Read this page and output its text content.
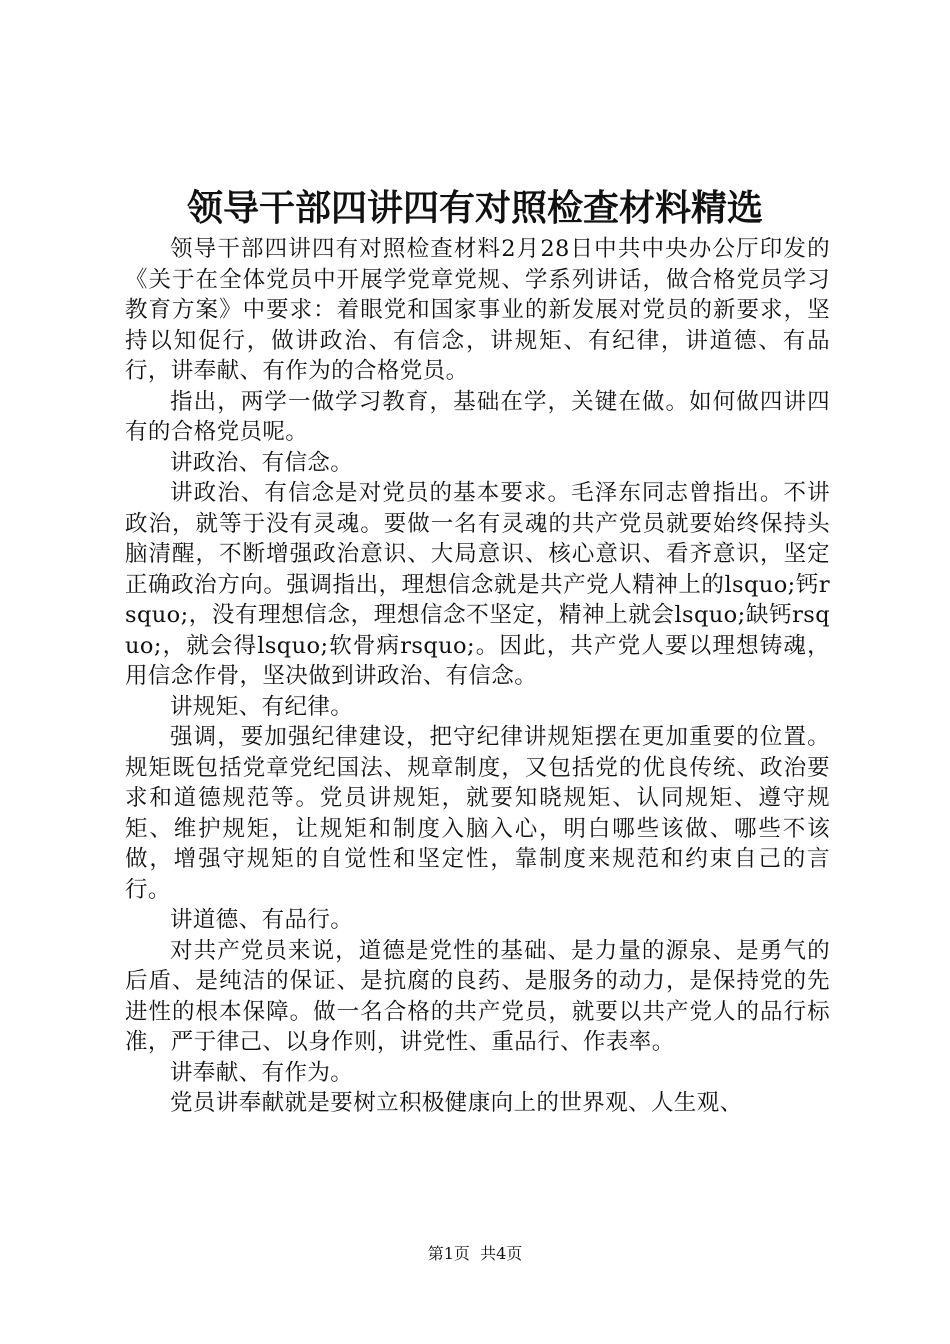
领导干部四讲四有对照检查材料精选

领导干部四讲四有对照检查材料2月28日中共中央办公厅印发的《关于在全体党员中开展学党章党规、学系列讲话，做合格党员学习教育方案》中要求：着眼党和国家事业的新发展对党员的新要求，坚持以知促行，做讲政治、有信念，讲规矩、有纪律，讲道德、有品行，讲奉献、有作为的合格党员。

指出，两学一做学习教育，基础在学，关键在做。如何做四讲四有的合格党员呢。

讲政治、有信念。

讲政治、有信念是对党员的基本要求。毛泽东同志曾指出。不讲政治，就等于没有灵魂。要做一名有灵魂的共产党员就要始终保持头脑清醒，不断增强政治意识、大局意识、核心意识、看齐意识，坚定正确政治方向。强调指出，理想信念就是共产党人精神上的lsquo;钙rsquo;，没有理想信念，理想信念不坚定，精神上就会lsquo;缺钙rsquo;，就会得lsquo;软骨病rsquo;。因此，共产党人要以理想铸魂，用信念作骨，坚决做到讲政治、有信念。

讲规矩、有纪律。

强调，要加强纪律建设，把守纪律讲规矩摆在更加重要的位置。规矩既包括党章党纪国法、规章制度，又包括党的优良传统、政治要求和道德规范等。党员讲规矩，就要知晓规矩、认同规矩、遵守规矩、维护规矩，让规矩和制度入脑入心，明白哪些该做、哪些不该做，增强守规矩的自觉性和坚定性，靠制度来规范和约束自己的言行。

讲道德、有品行。

对共产党员来说，道德是党性的基础、是力量的源泉、是勇气的后盾、是纯洁的保证、是抗腐的良药、是服务的动力，是保持党的先进性的根本保障。做一名合格的共产党员，就要以共产党人的品行标准，严于律己、以身作则，讲党性、重品行、作表率。

讲奉献、有作为。

党员讲奉献就是要树立积极健康向上的世界观、人生观、

第1页 共4页
